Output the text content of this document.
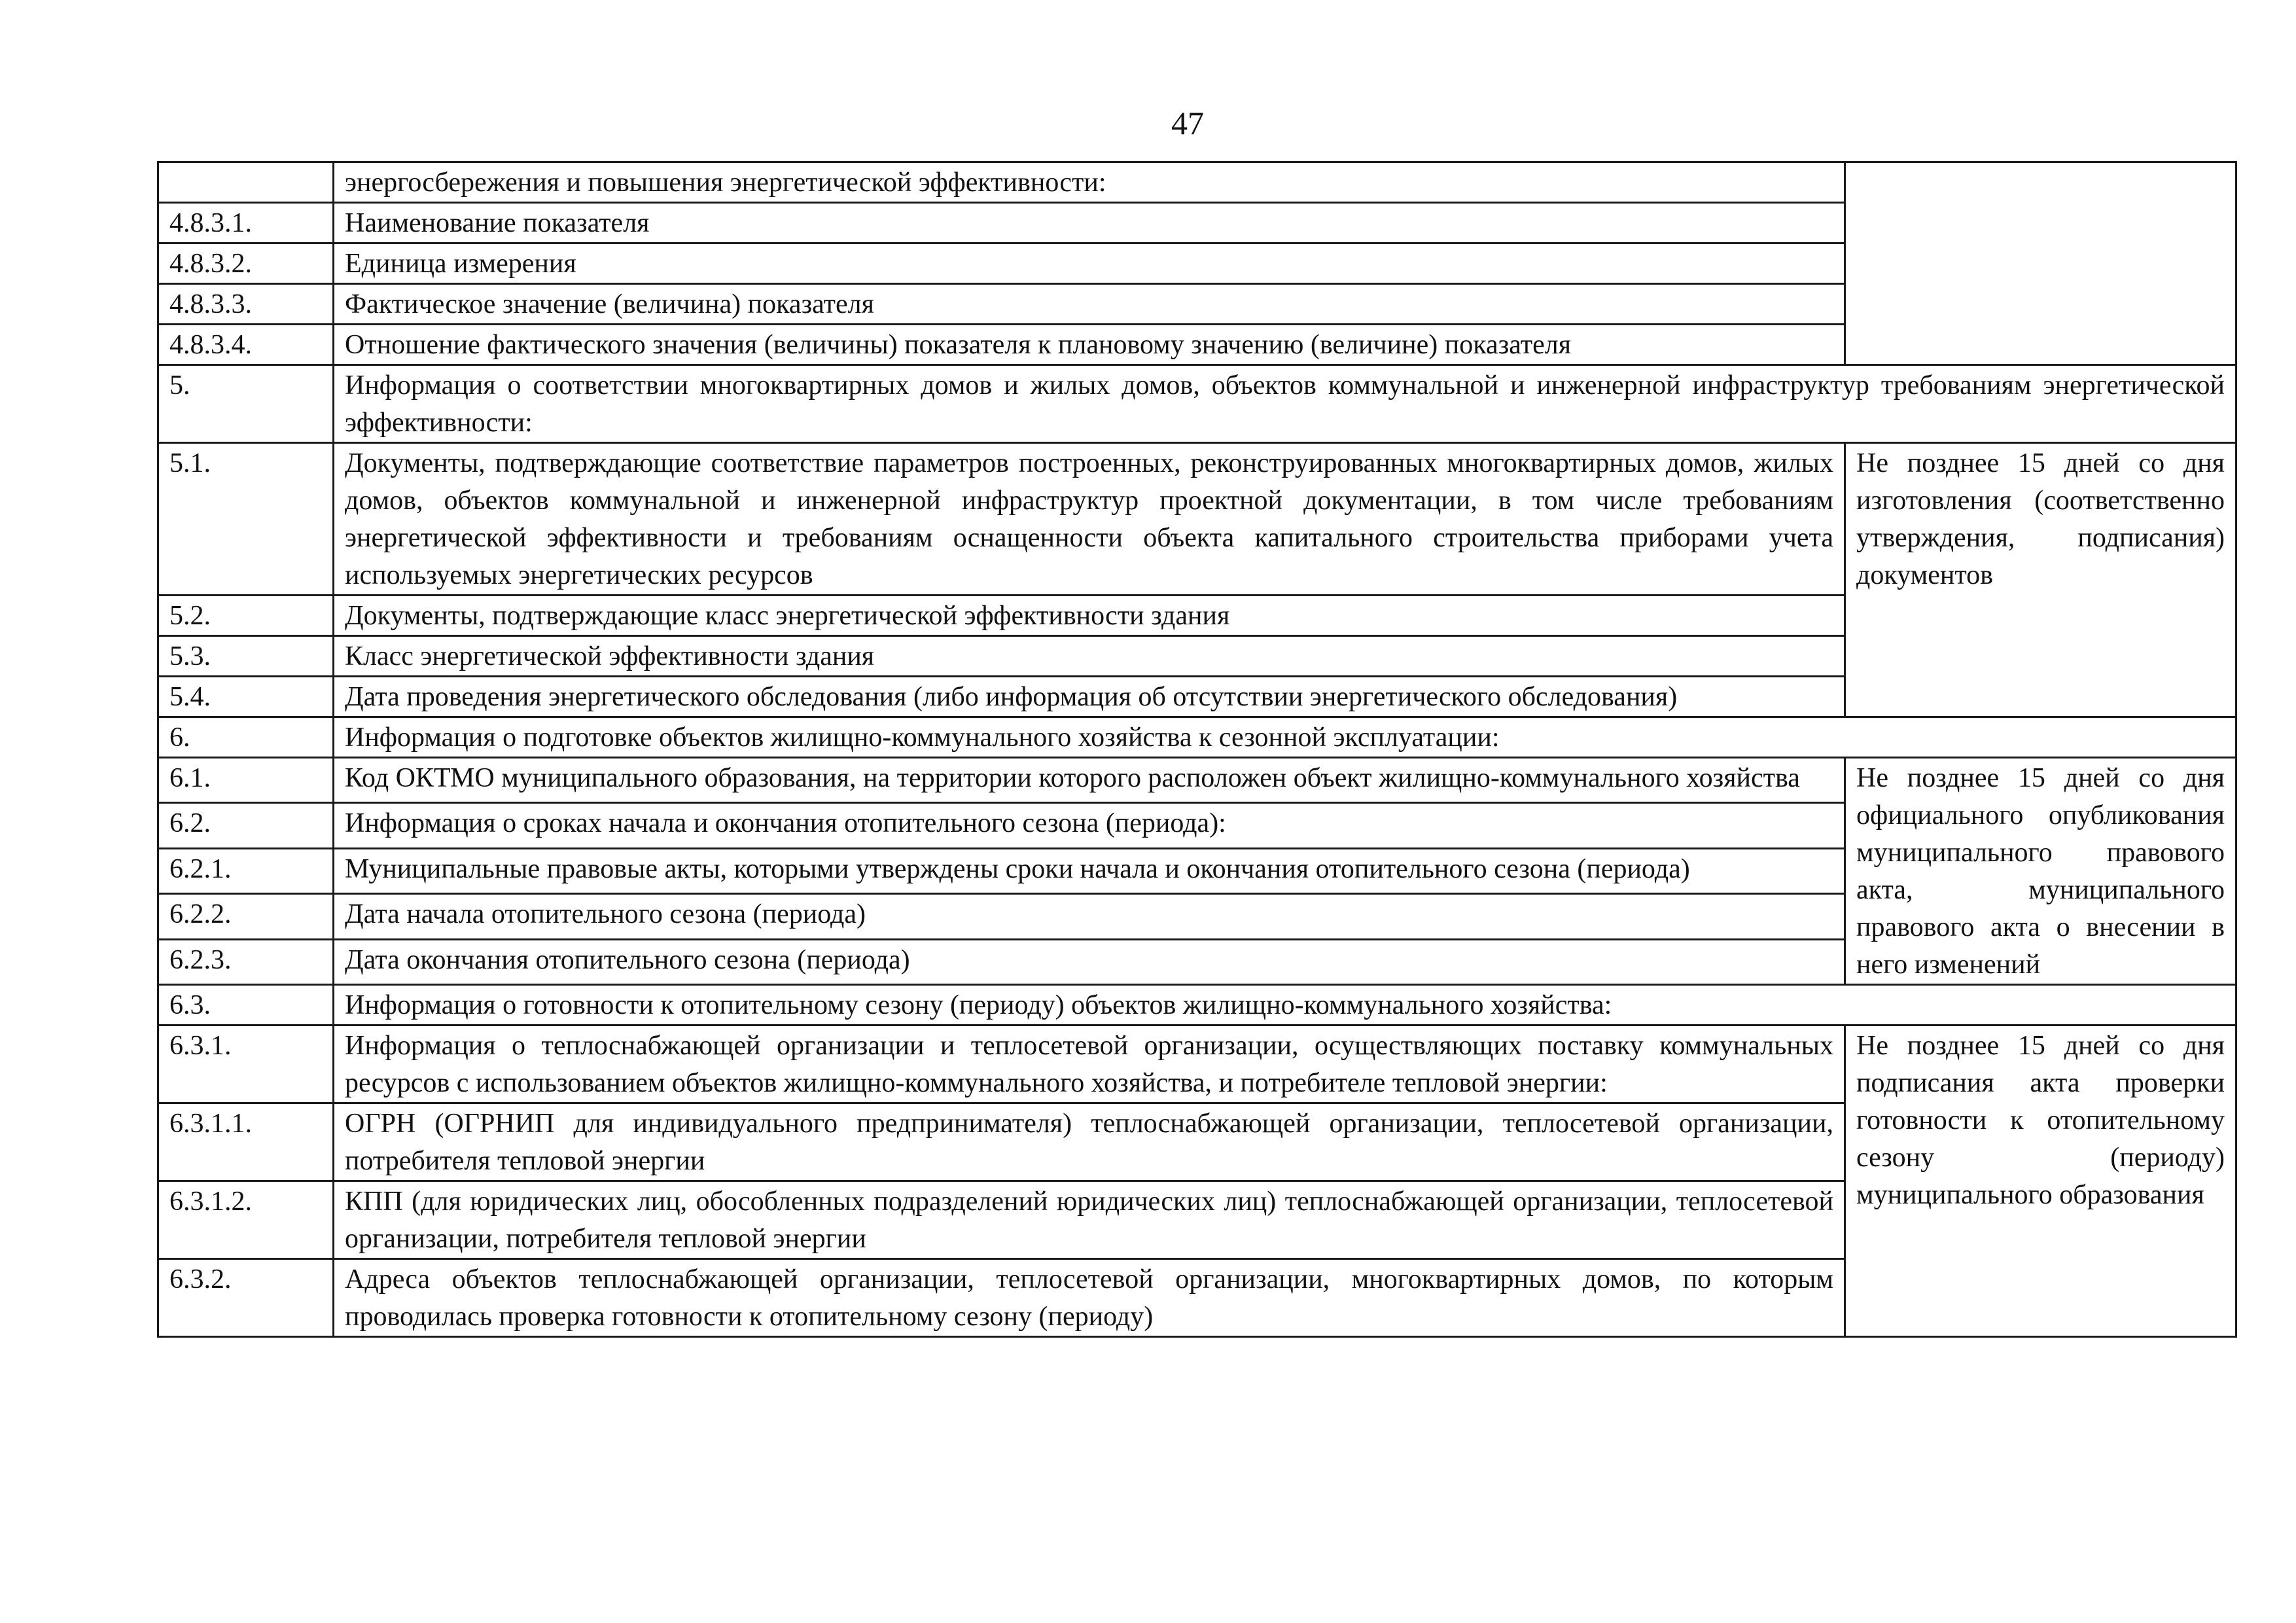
47
	энергосбережения и повышения энергетической эффективности:	
4.8.3.1.	Наименование показателя	
4.8.3.2.	Единица измерения	
4.8.3.3.	Фактическое значение (величина) показателя	
4.8.3.4.	Отношение фактического значения (величины) показателя к плановому значению (величине) показателя	
5.	Информация о соответствии многоквартирных домов и жилых домов, объектов коммунальной и инженерной инфраструктур требованиям энергетической эффективности:	
5.1.	Документы, подтверждающие соответствие параметров построенных, реконструированных многоквартирных домов, жилых домов, объектов коммунальной и инженерной инфраструктур проектной документации, в том числе требованиям энергетической эффективности и требованиям оснащенности объекта капитального строительства приборами учета используемых энергетических ресурсов	Не позднее 15 дней со дня изготовления (соответственно утверждения, подписания) документов
5.2.	Документы, подтверждающие класс энергетической эффективности здания	
5.3.	Класс энергетической эффективности здания	
5.4.	Дата проведения энергетического обследования (либо информация об отсутствии энергетического обследования)	
6.	Информация о подготовке объектов жилищно-коммунального хозяйства к сезонной эксплуатации:	
6.1.	Код ОКТМО муниципального образования, на территории которого расположен объект жилищно-коммунального хозяйства	Не позднее 15 дней со дня официального опубликования муниципального правового акта, муниципального правового акта о внесении в него изменений
6.2.	Информация о сроках начала и окончания отопительного сезона (периода):	
6.2.1.	Муниципальные правовые акты, которыми утверждены сроки начала и окончания отопительного сезона (периода)	
6.2.2.	Дата начала отопительного сезона (периода)	
6.2.3.	Дата окончания отопительного сезона (периода)	
6.3.	Информация о готовности к отопительному сезону (периоду) объектов жилищно-коммунального хозяйства:	
6.3.1.	Информация о теплоснабжающей организации и теплосетевой организации, осуществляющих поставку коммунальных ресурсов с использованием объектов жилищно-коммунального хозяйства, и потребителе тепловой энергии:	Не позднее 15 дней со дня подписания акта проверки готовности к отопительному сезону (периоду) муниципального образования
6.3.1.1.	ОГРН (ОГРНИП для индивидуального предпринимателя) теплоснабжающей организации, теплосетевой организации, потребителя тепловой энергии	
6.3.1.2.	КПП (для юридических лиц, обособленных подразделений юридических лиц) теплоснабжающей организации, теплосетевой организации, потребителя тепловой энергии	
6.3.2.	Адреса объектов теплоснабжающей организации, теплосетевой организации, многоквартирных домов, по которым проводилась проверка готовности к отопительному сезону (периоду)	
